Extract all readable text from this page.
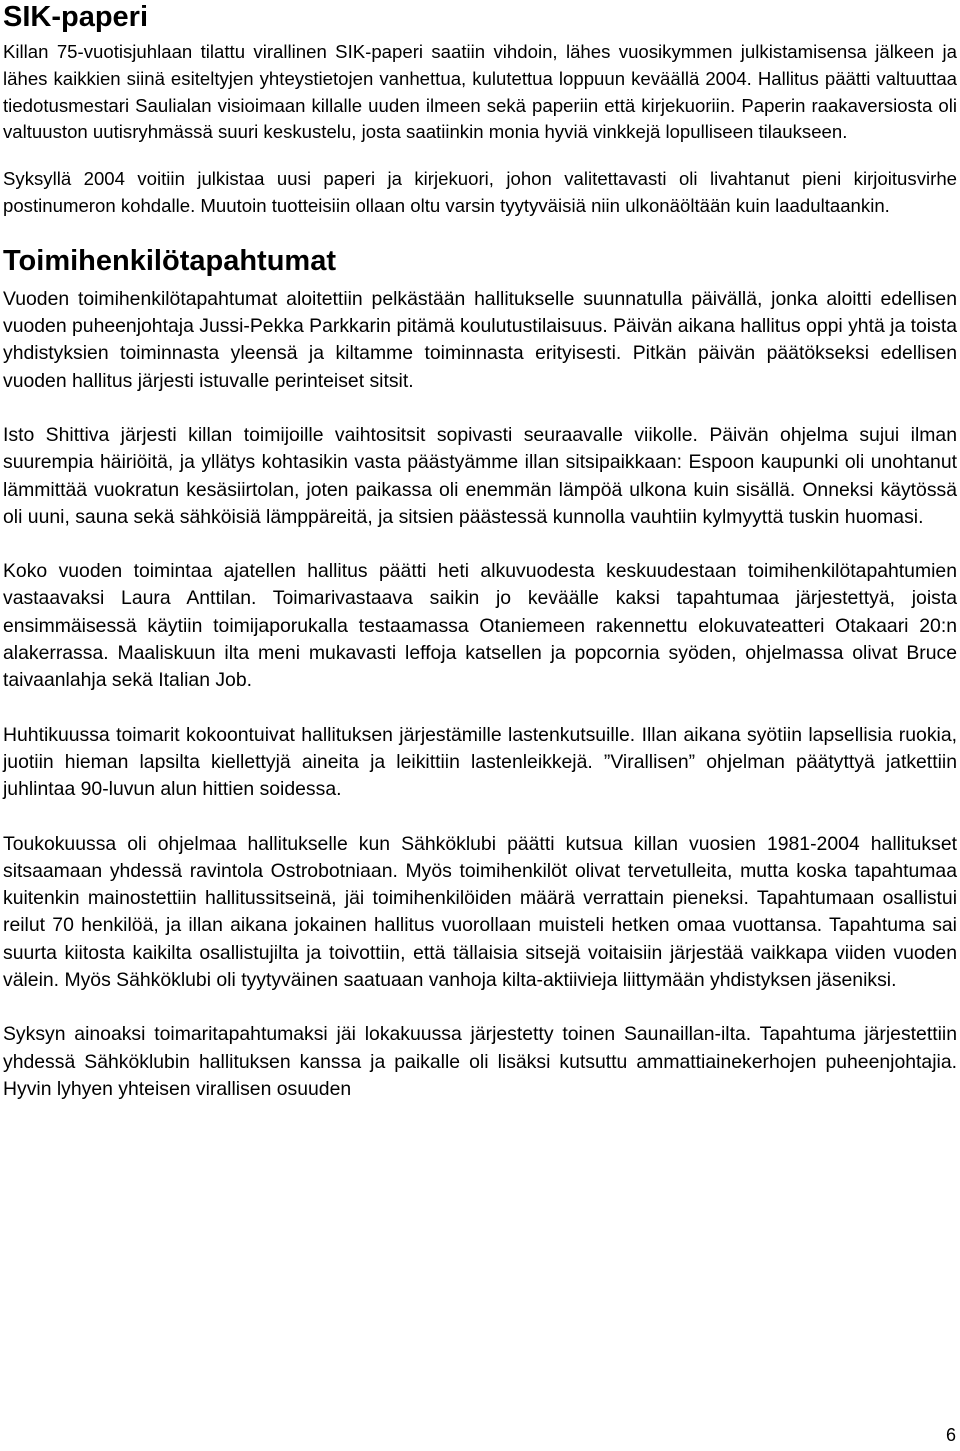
SIK-paperi

Killan 75-vuotisjuhlaan tilattu virallinen SIK-paperi saatiin vihdoin, lähes vuosikymmen julkistamisensa jälkeen ja lähes kaikkien siinä esiteltyjen yhteystietojen vanhettua, kulutettua loppuun keväällä 2004. Hallitus päätti valtuuttaa tiedotusmestari Saulialan visioimaan killalle uuden ilmeen sekä paperiin että kirjekuoriin. Paperin raakaversiosta oli valtuuston uutisryhmässä suuri keskustelu, josta saatiinkin monia hyviä vinkkejä lopulliseen tilaukseen.

Syksyllä 2004 voitiin julkistaa uusi paperi ja kirjekuori, johon valitettavasti oli livahtanut pieni kirjoitusvirhe postinumeron kohdalle. Muutoin tuotteisiin ollaan oltu varsin tyytyväisiä niin ulkonäöltään kuin laadultaankin.

Toimihenkilötapahtumat

Vuoden toimihenkilötapahtumat aloitettiin pelkästään hallitukselle suunnatulla päivällä, jonka aloitti edellisen vuoden puheenjohtaja Jussi-Pekka Parkkarin pitämä koulutustilaisuus. Päivän aikana hallitus oppi yhtä ja toista yhdistyksien toiminnasta yleensä ja kiltamme toiminnasta erityisesti. Pitkän päivän päätökseksi edellisen vuoden hallitus järjesti istuvalle perinteiset sitsit.

Isto Shittiva järjesti killan toimijoille vaihtositsit sopivasti seuraavalle viikolle. Päivän ohjelma sujui ilman suurempia häiriöitä, ja yllätys kohtasikin vasta päästyämme illan sitsipaikkaan: Espoon kaupunki oli unohtanut lämmittää vuokratun kesäsiirtolan, joten paikassa oli enemmän lämpöä ulkona kuin sisällä. Onneksi käytössä oli uuni, sauna sekä sähköisiä lämppäreitä, ja sitsien päästessä kunnolla vauhtiin kylmyyttä tuskin huomasi.

Koko vuoden toimintaa ajatellen hallitus päätti heti alkuvuodesta keskuudestaan toimihenkilötapahtumien vastaavaksi Laura Anttilan. Toimarivastaava saikin jo keväälle kaksi tapahtumaa järjestettyä, joista ensimmäisessä käytiin toimijaporukalla testaamassa Otaniemeen rakennettu elokuvateatteri Otakaari 20:n alakerrassa. Maaliskuun ilta meni mukavasti leffoja katsellen ja popcornia syöden, ohjelmassa olivat Bruce taivaanlahja sekä Italian Job.

Huhtikuussa toimarit kokoontuivat hallituksen järjestämille lastenkutsuille. Illan aikana syötiin lapsellisia ruokia, juotiin hieman lapsilta kiellettyjä aineita ja leikittiin lastenleikkejä. ”Virallisen” ohjelman päätyttyä jatkettiin juhlintaa 90-luvun alun hittien soidessa.

Toukokuussa oli ohjelmaa hallitukselle kun Sähköklubi päätti kutsua killan vuosien 1981-2004 hallitukset sitsaamaan yhdessä ravintola Ostrobotniaan. Myös toimihenkilöt olivat tervetulleita, mutta koska tapahtumaa kuitenkin mainostettiin hallitussitseinä, jäi toimihenkilöiden määrä verrattain pieneksi. Tapahtumaan osallistui reilut 70 henkilöä, ja illan aikana jokainen hallitus vuorollaan muisteli hetken omaa vuottansa. Tapahtuma sai suurta kiitosta kaikilta osallistujilta ja toivottiin, että tällaisia sitsejä voitaisiin järjestää vaikkapa viiden vuoden välein. Myös Sähköklubi oli tyytyväinen saatuaan vanhoja kilta-aktiivieja liittymään yhdistyksen jäseniksi.

Syksyn ainoaksi toimaritapahtumaksi jäi lokakuussa järjestetty toinen Saunaillan-ilta. Tapahtuma järjestettiin yhdessä Sähköklubin hallituksen kanssa ja paikalle oli lisäksi kutsuttu ammattiainekerhojen puheenjohtajia. Hyvin lyhyen yhteisen virallisen osuuden

6
